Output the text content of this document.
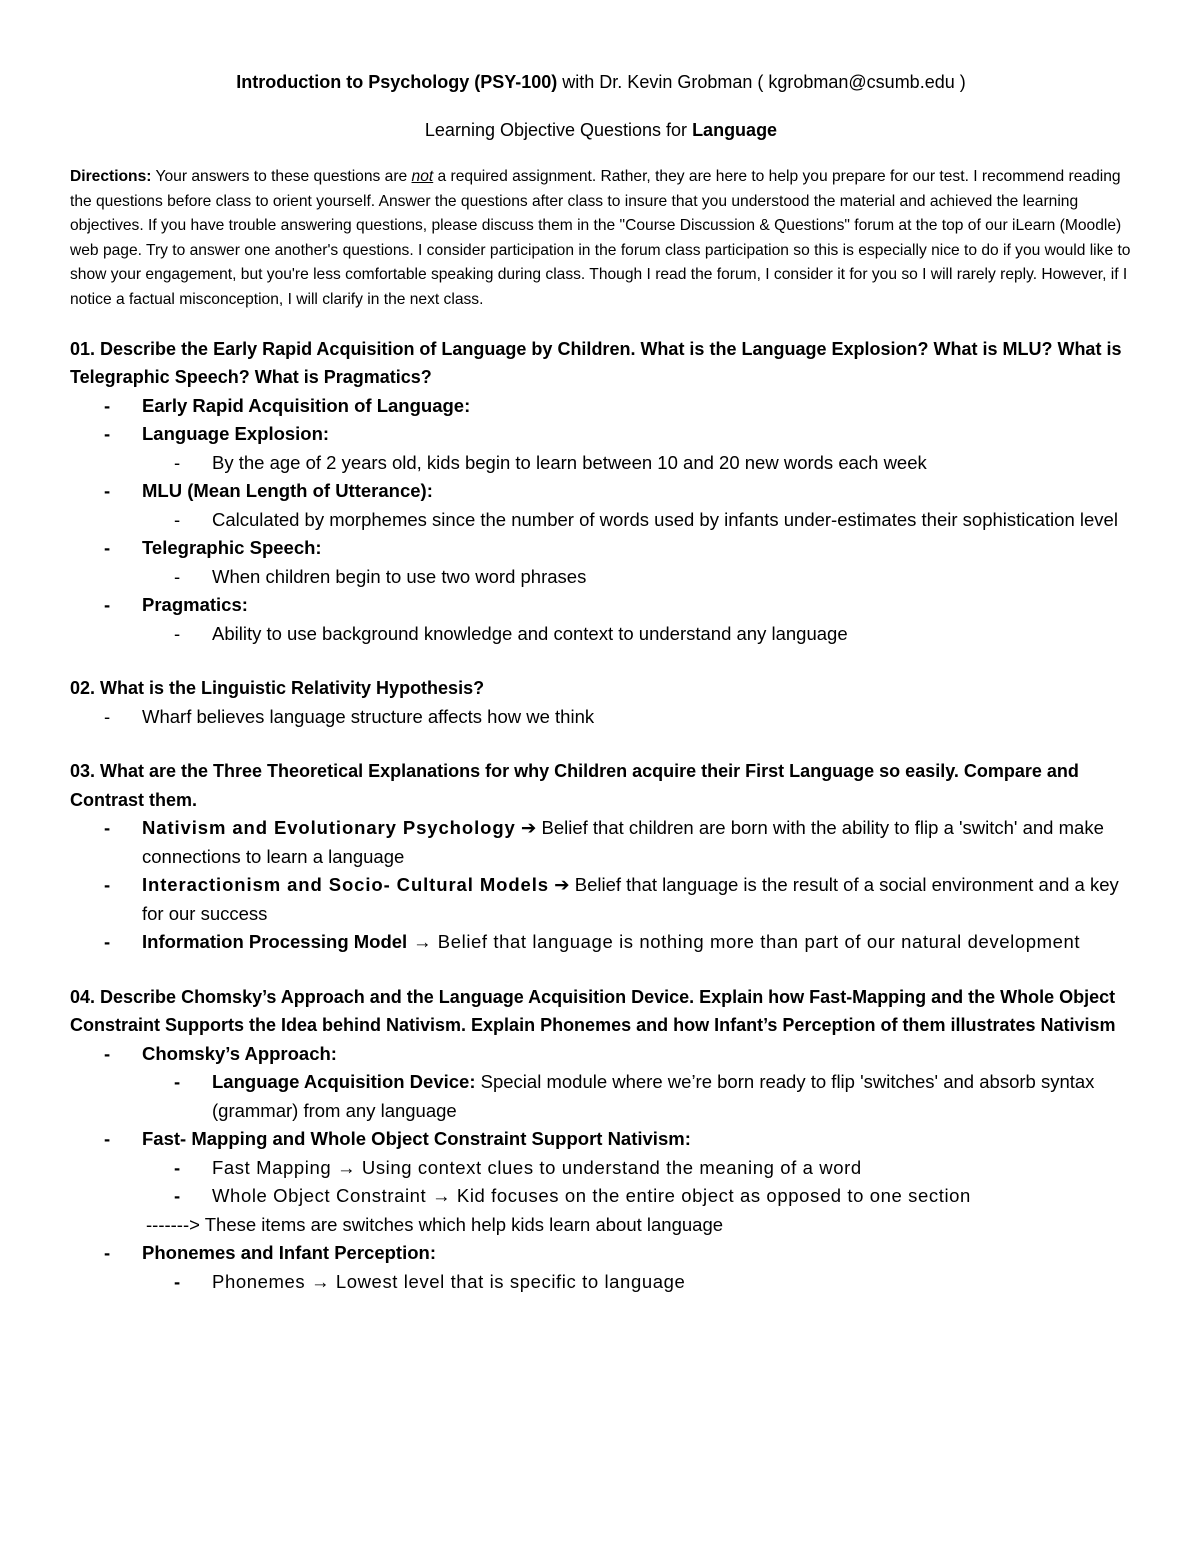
Introduction to Psychology (PSY-100) with Dr. Kevin Grobman ( kgrobman@csumb.edu )
Learning Objective Questions for Language
Directions: Your answers to these questions are not a required assignment. Rather, they are here to help you prepare for our test. I recommend reading the questions before class to orient yourself. Answer the questions after class to insure that you understood the material and achieved the learning objectives. If you have trouble answering questions, please discuss them in the "Course Discussion & Questions" forum at the top of our iLearn (Moodle) web page. Try to answer one another's questions. I consider participation in the forum class participation so this is especially nice to do if you would like to show your engagement, but you're less comfortable speaking during class. Though I read the forum, I consider it for you so I will rarely reply. However, if I notice a factual misconception, I will clarify in the next class.
01. Describe the Early Rapid Acquisition of Language by Children. What is the Language Explosion? What is MLU? What is Telegraphic Speech? What is Pragmatics?
- Early Rapid Acquisition of Language:
- Language Explosion:
- By the age of 2 years old, kids begin to learn between 10 and 20 new words each week
- MLU (Mean Length of Utterance):
- Calculated by morphemes since the number of words used by infants under-estimates their sophistication level
- Telegraphic Speech:
- When children begin to use two word phrases
- Pragmatics:
- Ability to use background knowledge and context to understand any language
02. What is the Linguistic Relativity Hypothesis?
- Wharf believes language structure affects how we think
03. What are the Three Theoretical Explanations for why Children acquire their First Language so easily. Compare and Contrast them.
- Nativism and Evolutionary Psychology ➔ Belief that children are born with the ability to flip a 'switch' and make connections to learn a language
- Interactionism and Socio- Cultural Models ➔ Belief that language is the result of a social environment and a key for our success
- Information Processing Model → Belief that language is nothing more than part of our natural development
04. Describe Chomsky’s Approach and the Language Acquisition Device. Explain how Fast-Mapping and the Whole Object Constraint Supports the Idea behind Nativism. Explain Phonemes and how Infant’s Perception of them illustrates Nativism
- Chomsky’s Approach:
- Language Acquisition Device: Special module where we’re born ready to flip 'switches' and absorb syntax (grammar) from any language
- Fast- Mapping and Whole Object Constraint Support Nativism:
- Fast Mapping → Using context clues to understand the meaning of a word
- Whole Object Constraint → Kid focuses on the entire object as opposed to one section
-------> These items are switches which help kids learn about language
- Phonemes and Infant Perception:
- Phonemes → Lowest level that is specific to language
